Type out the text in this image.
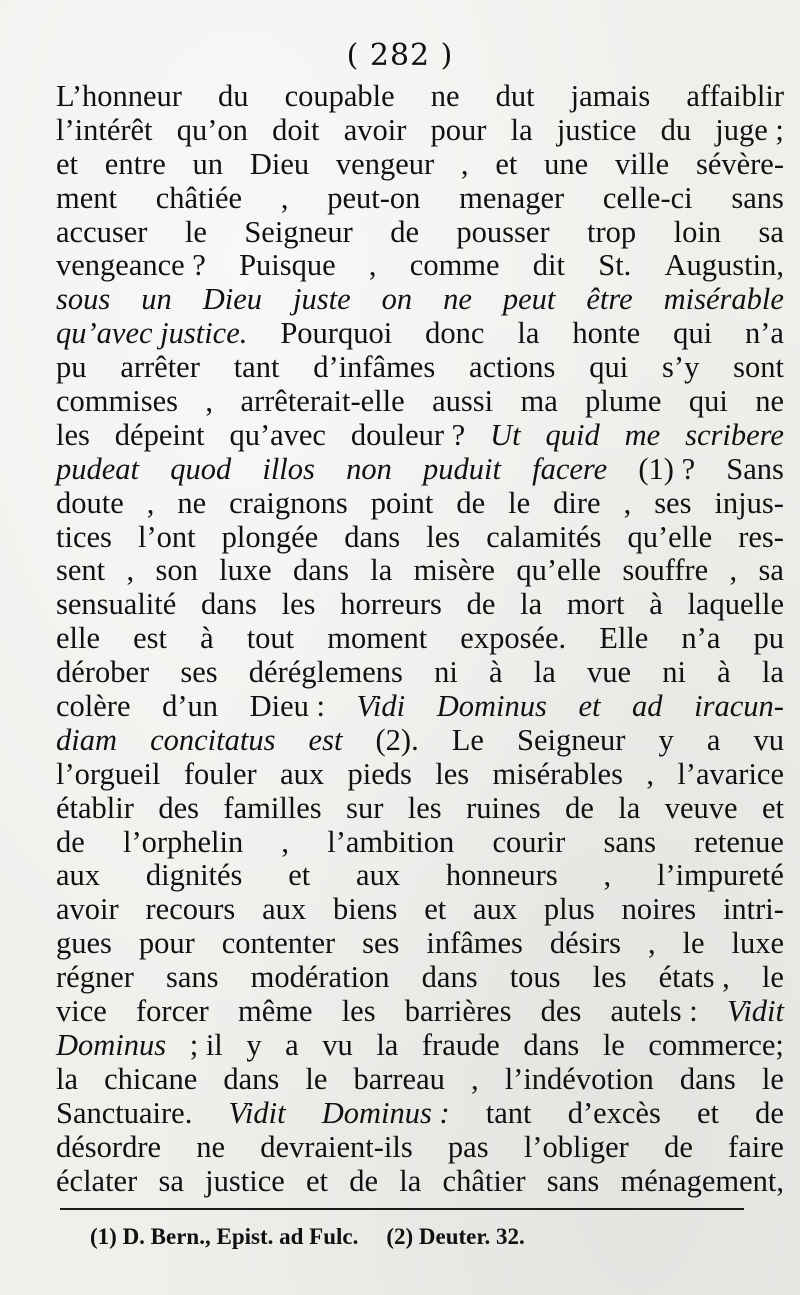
( 282 )
L’honneur du coupable ne dut jamais affaiblir
l’intérêt qu’on doit avoir pour la justice du juge ;
et entre un Dieu vengeur , et une ville sévère-
ment châtiée , peut-on menager celle-ci sans
accuser le Seigneur de pousser trop loin sa
vengeance ? Puisque , comme dit St. Augustin,
sous un Dieu juste on ne peut être misérable
qu’avec justice. Pourquoi donc la honte qui n’a
pu arrêter tant d’infâmes actions qui s’y sont
commises , arrêterait-elle aussi ma plume qui ne
les dépeint qu’avec douleur ? Ut quid me scribere
pudeat quod illos non puduit facere (1) ? Sans
doute , ne craignons point de le dire , ses injus-
tices l’ont plongée dans les calamités qu’elle res-
sent , son luxe dans la misère qu’elle souffre , sa
sensualité dans les horreurs de la mort à laquelle
elle est à tout moment exposée. Elle n’a pu
dérober ses déréglemens ni à la vue ni à la
colère d’un Dieu : Vidi Dominus et ad iracun-
diam concitatus est (2). Le Seigneur y a vu
l’orgueil fouler aux pieds les misérables , l’avarice
établir des familles sur les ruines de la veuve et
de l’orphelin , l’ambition courir sans retenue
aux dignités et aux honneurs , l’impureté
avoir recours aux biens et aux plus noires intri-
gues pour contenter ses infâmes désirs , le luxe
régner sans modération dans tous les états , le
vice forcer même les barrières des autels : Vidit
Dominus ; il y a vu la fraude dans le commerce;
la chicane dans le barreau , l’indévotion dans le
Sanctuaire. Vidit Dominus : tant d’excès et de
désordre ne devraient-ils pas l’obliger de faire
éclater sa justice et de la châtier sans ménagement,
(1) D. Bern., Epist. ad Fulc. (2) Deuter. 32.
